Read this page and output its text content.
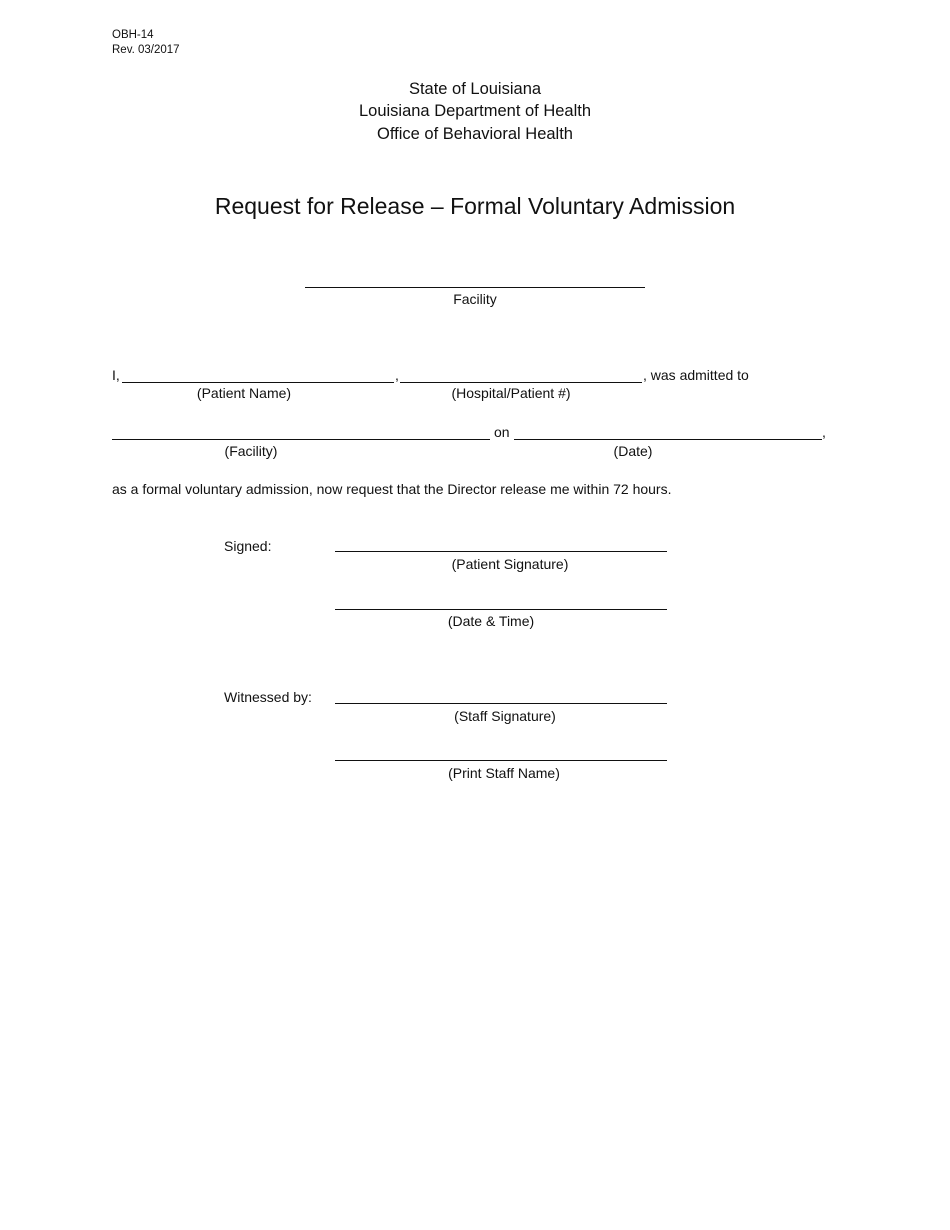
OBH-14
Rev. 03/2017
State of Louisiana
Louisiana Department of Health
Office of Behavioral Health
Request for Release – Formal Voluntary Admission
Facility
I,	,	, was admitted to
(Patient Name)	(Hospital/Patient #)
on	,
(Facility)	(Date)
as a formal voluntary admission, now request that the Director release me within 72 hours.
Signed:
(Patient Signature)
(Date & Time)
Witnessed by:
(Staff Signature)
(Print Staff Name)
